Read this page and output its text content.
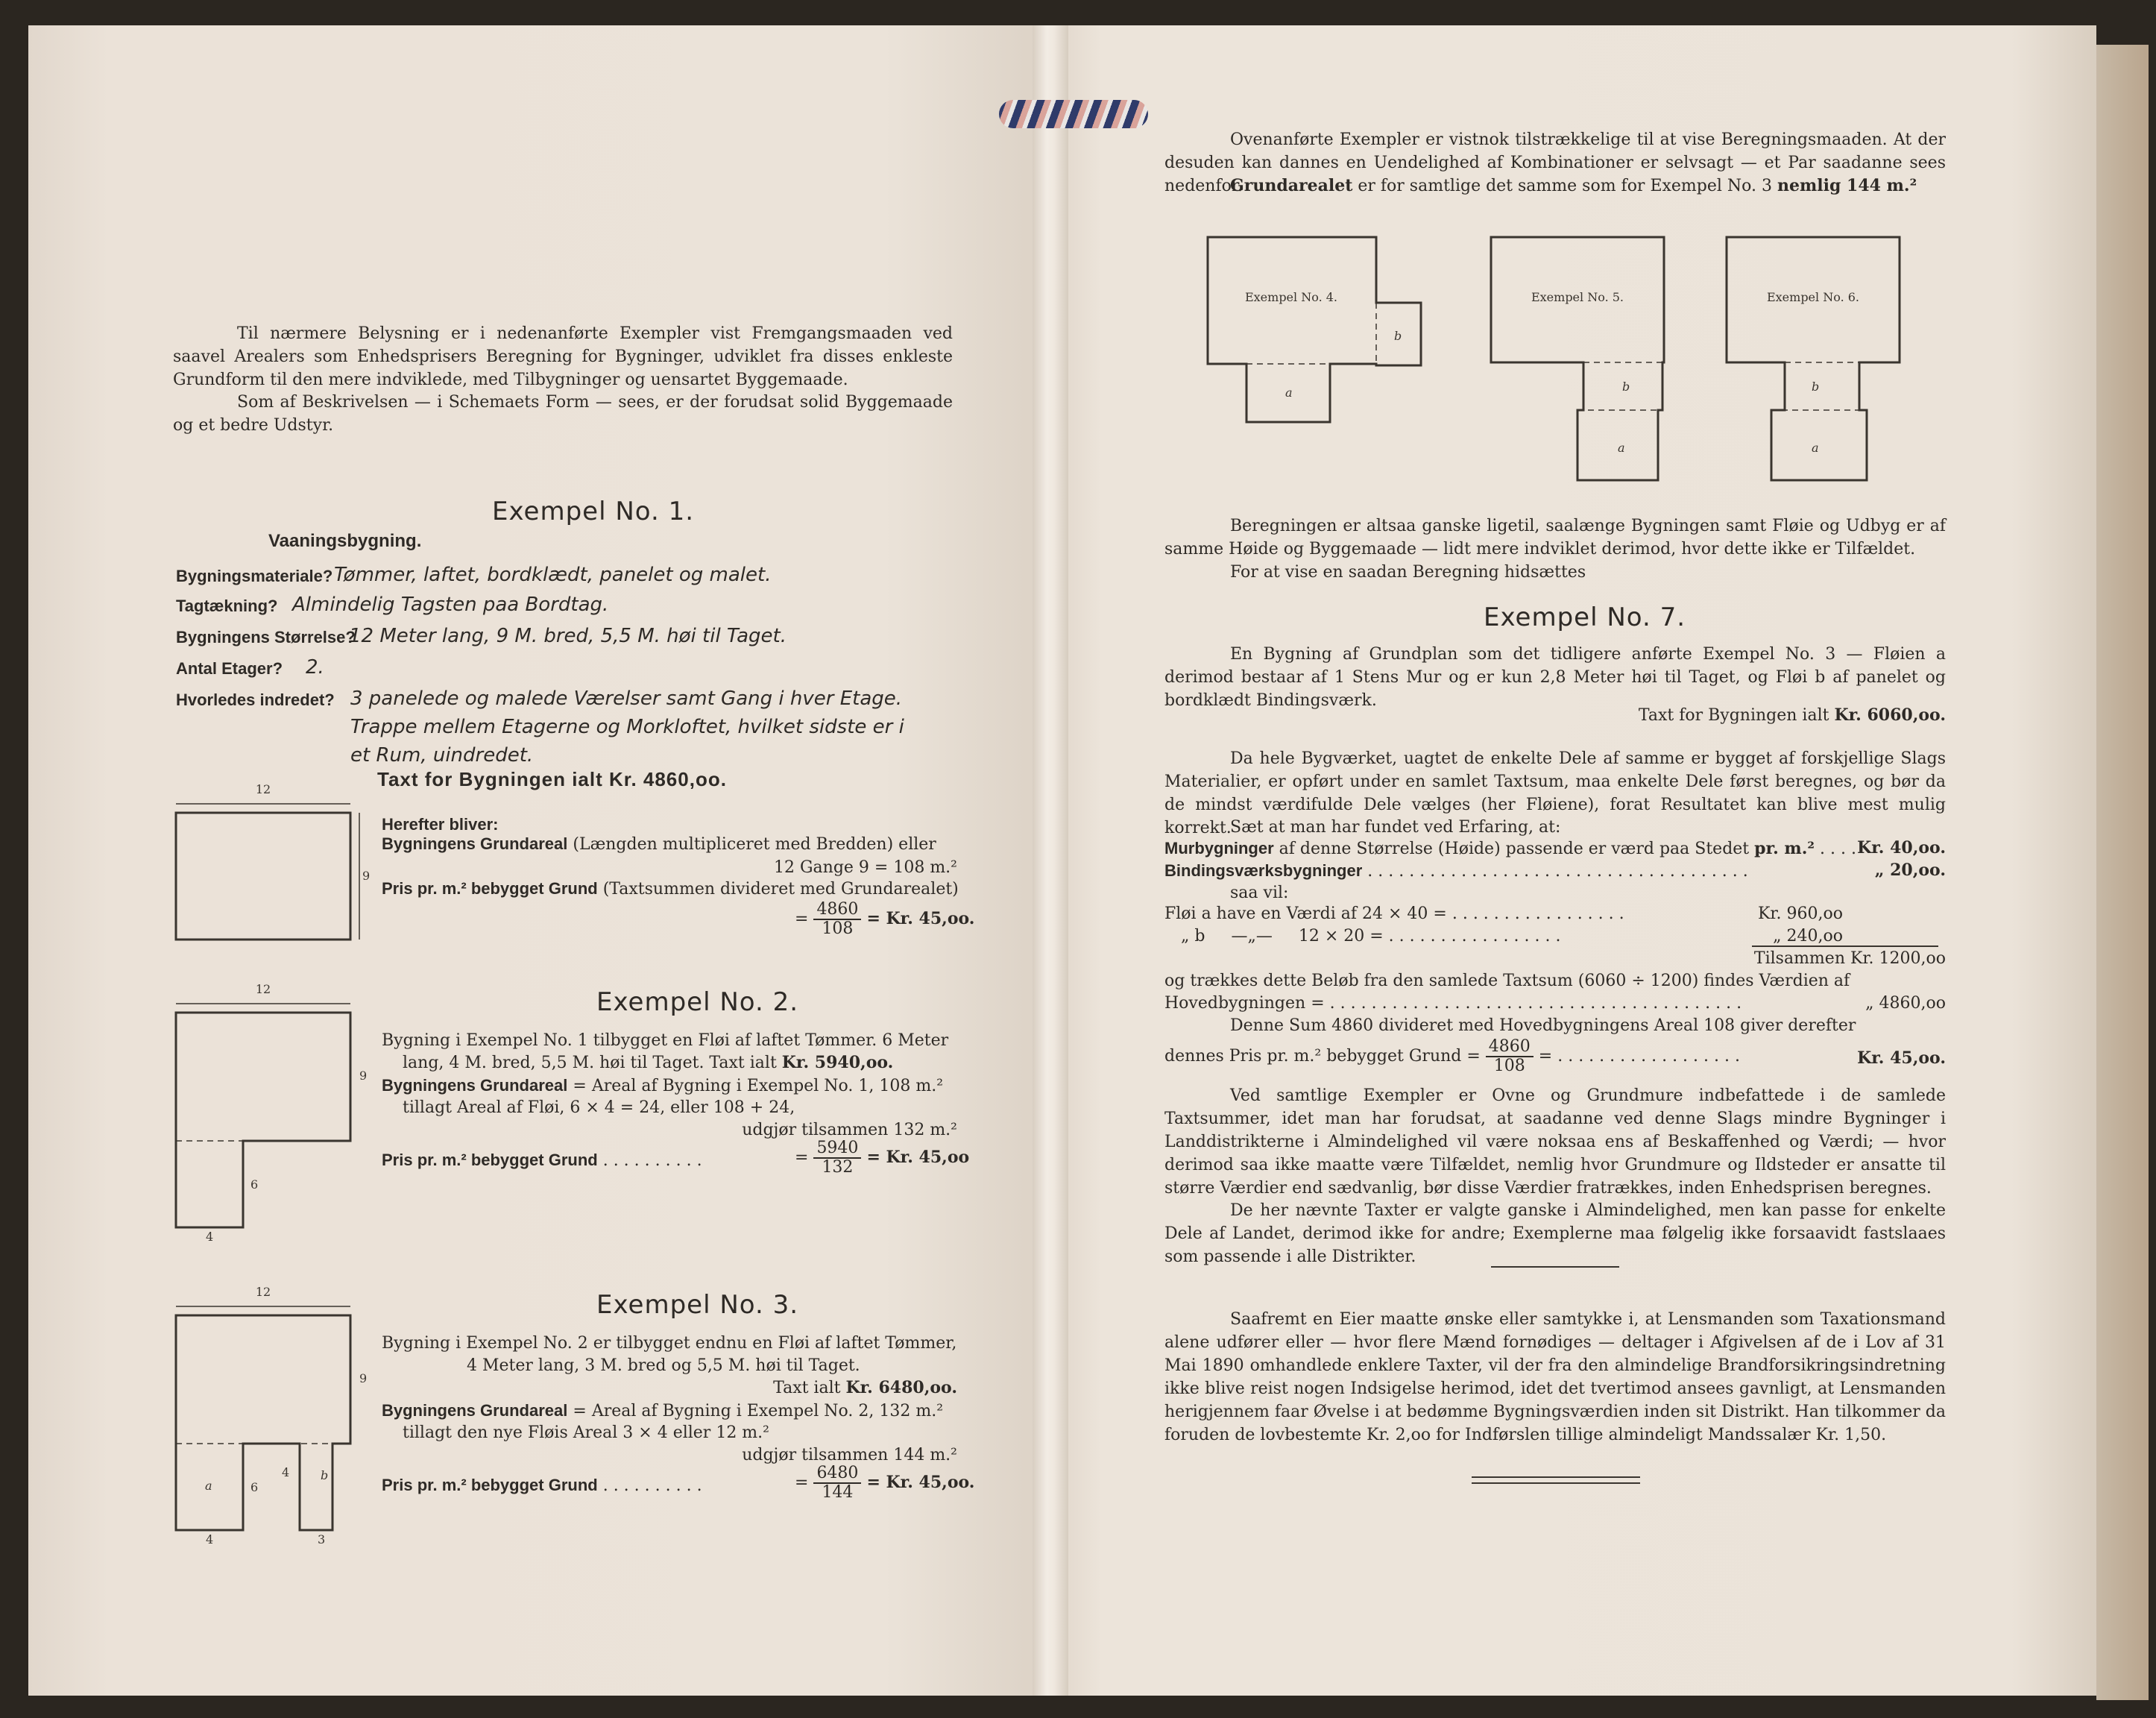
Til nærmere Belysning er i nedenanførte Exempler vist Fremgangsmaaden ved saavel Arealers som Enhedsprisers Beregning for Bygninger, udviklet fra disses enkleste Grundform til den mere indviklede, med Tilbygninger og uensartet Byggemaade.
Som af Beskrivelsen — i Schemaets Form — sees, er der forudsat solid Byggemaade og et bedre Udstyr.
Exempel No. 1.
Vaaningsbygning.
Bygningsmateriale? Tømmer, laftet, bordklædt, panelet og malet.
Tagtækning? Almindelig Tagsten paa Bordtag.
Bygningens Størrelse?
12 Meter lang, 9 M. bred, 5,5 M. høi til Taget.
Antal Etager? 2.
Hvorledes indredet? 3 panelede og malede Værelser samt Gang i hver Etage.
Trappe mellem Etagerne og Morkloftet, hvilket sidste er i
et Rum, uindredet.
Taxt for Bygningen ialt Kr. 4860,oo.
12
9
Herefter bliver:
Bygningens Grundareal (Længden multipliceret med Bredden) eller
12 Gange 9 = 108 m.²
Pris pr. m.² bebygget Grund (Taxtsummen divideret med Grundarealet)
= $\frac{4860}{108} = Kr$. 45,oo.
Exempel No. 2.
12
9
6
4
Bygning i Exempel No. 1 tilbygget en Fløi af laftet Tømmer. 6 Meter
lang, 4 M. bred, 5,5 M. høi til Taget. Taxt ialt Kr. 5940,oo.
Bygningens Grundareal = Areal af Bygning i Exempel No. 1, 108 m.²
tillagt Areal af Fløi, 6 × 4 = 24, eller 108 + 24,
udgjør tilsammen 132 m.²
Pris pr. m.² bebygget Grund . . . . . . . . . .	= $\frac{5940}{132} = Kr$. 45,oo
Exempel No. 3.
12
9
a	6
4	b
4	3
Bygning i Exempel No. 2 er tilbygget endnu en Fløi af laftet Tømmer,
4 Meter lang, 3 M. bred og 5,5 M. høi til Taget.
Taxt ialt Kr. 6480,oo.
Bygningens Grundareal = Areal af Bygning i Exempel No. 2, 132 m.²
tillagt den nye Fløis Areal 3 × 4 eller 12 m.²
udgjør tilsammen 144 m.²
Pris pr. m.² bebygget Grund . . . . . . . . . .	= $\frac{6480}{144} = Kr$. 45,oo.
Ovenanførte Exempler er vistnok tilstrækkelige til at vise Beregningsmaaden. At der desuden kan dannes en Uendelighed af Kombinationer er selvsagt — et Par saadanne sees nedenfor.
Grundarealet er for samtlige det samme som for Exempel No. 3 nemlig 144 m.²
Exempel No. 4.
b
a
Exempel No. 5.
b
a
Exempel No. 6.
b
a
Beregningen er altsaa ganske ligetil, saalænge Bygningen samt Fløie og Udbyg er af samme Høide og Byggemaade — lidt mere indviklet derimod, hvor dette ikke er Tilfældet.
For at vise en saadan Beregning hidsættes
Exempel No. 7.
En Bygning af Grundplan som det tidligere anførte Exempel No. 3 — Fløien a derimod bestaar af 1 Stens Mur og er kun 2,8 Meter høi til Taget, og Fløi b af panelet og bordklædt Bindingsværk.
Taxt for Bygningen ialt Kr. 6060,oo.
Da hele Bygværket, uagtet de enkelte Dele af samme er bygget af forskjellige Slags Materialier, er opført under en samlet Taxtsum, maa enkelte Dele først beregnes, og bør da de mindst værdifulde Dele vælges (her Fløiene), forat Resultatet kan blive mest mulig korrekt.
Sæt at man har fundet ved Erfaring, at:
Murbygninger af denne Størrelse (Høide) passende er værd paa Stedet pr. m.² . . . . Kr. 40,oo.
Bindingsværksbygninger . . . . . . . . . . . . . . . . . . . . . . . . . . . . . . . . . . . . .	„ 20,oo.
saa vil:
Fløi a have en Værdi af 24 × 40 = . . . . . . . . . . . . . . . . .	Kr. 960,oo
„ b —„— 12 × 20 = . . . . . . . . . . . . . . . . .	„ 240,oo
Tilsammen Kr. 1200,oo
og trækkes dette Beløb fra den samlede Taxtsum (6060 ÷ 1200) findes Værdien af
Hovedbygningen = . . . . . . . . . . . . . . . . . . . . . . . . . . . . . . . . . . . . . . . .	„ 4860,oo
Denne Sum 4860 divideret med Hovedbygningens Areal 108 giver derefter
dennes Pris pr. m.² bebygget Grund = $\frac{4860}{108}$ = . . . . . . . . . . . . . . . . . .	Kr. 45,oo.
Ved samtlige Exempler er Ovne og Grundmure indbefattede i de samlede Taxtsummer, idet man har forudsat, at saadanne ved denne Slags mindre Bygninger i Landdistrikterne i Almindelighed vil være noksaa ens af Beskaffenhed og Værdi; — hvor derimod saa ikke maatte være Tilfældet, nemlig hvor Grundmure og Ildsteder er ansatte til større Værdier end sædvanlig, bør disse Værdier fratrækkes, inden Enhedsprisen beregnes.
De her nævnte Taxter er valgte ganske i Almindelighed, men kan passe for enkelte Dele af Landet, derimod ikke for andre; Exemplerne maa følgelig ikke forsaavidt fastslaaes som passende i alle Distrikter.
Saafremt en Eier maatte ønske eller samtykke i, at Lensmanden som Taxationsmand alene udfører eller — hvor flere Mænd fornødiges — deltager i Afgivelsen af de i Lov af 31 Mai 1890 omhandlede enklere Taxter, vil der fra den almindelige Brandforsikringsindretning ikke blive reist nogen Indsigelse herimod, idet det tvertimod ansees gavnligt, at Lensmanden herigjennem faar Øvelse i at bedømme Bygningsværdien inden sit Distrikt. Han tilkommer da foruden de lovbestemte Kr. 2,oo for Indførslen tillige almindeligt Mandssalær Kr. 1,50.
